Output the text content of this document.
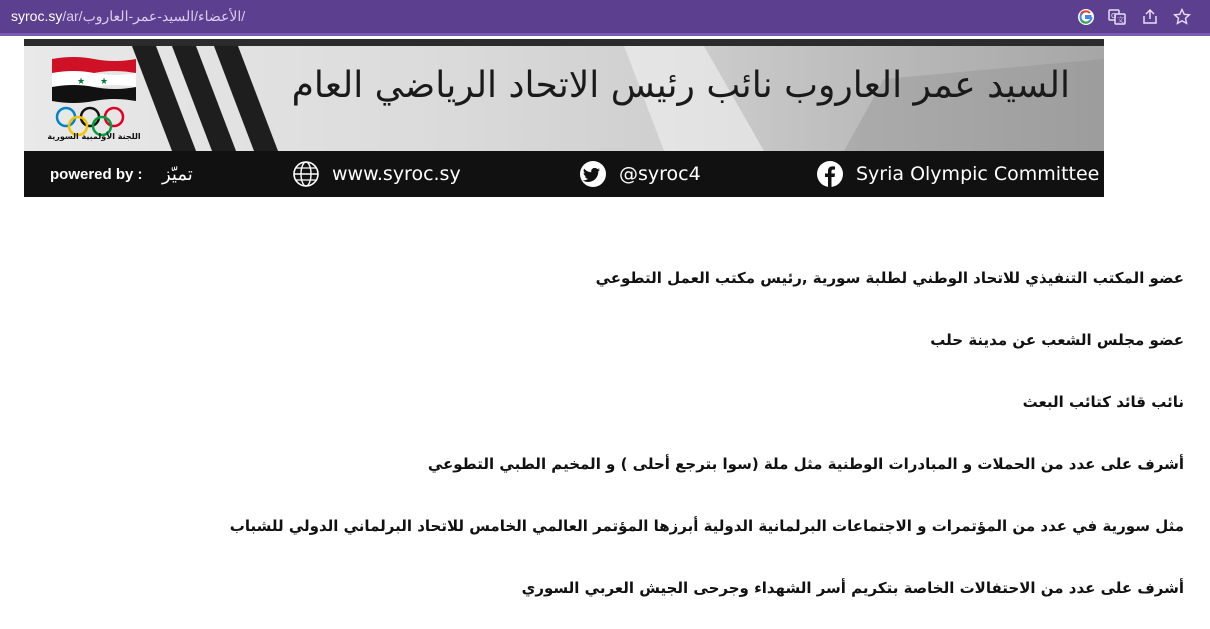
syroc.sy/ar/الأعضاء/السيد-عمر-العاروب/	G 文
★ ★
اللجنة الأولمبية السورية
السيد عمر العاروب نائب رئيس الاتحاد الرياضي العام
powered by : تميّز	www.syroc.sy	@syroc4	Syria Olympic Committee
عضو المكتب التنفيذي للاتحاد الوطني لطلبة سورية ,رئيس مكتب العمل التطوعي
عضو مجلس الشعب عن مدينة حلب
نائب قائد كتائب البعث
أشرف على عدد من الحملات و المبادرات الوطنية مثل ملة (سوا بترجع أحلى ) و المخيم الطبي التطوعي
مثل سورية في عدد من المؤتمرات و الاجتماعات البرلمانية الدولية أبرزها المؤتمر العالمي الخامس للاتحاد البرلماني الدولي للشباب
أشرف على عدد من الاحتفالات الخاصة بتكريم أسر الشهداء وجرحى الجيش العربي السوري
